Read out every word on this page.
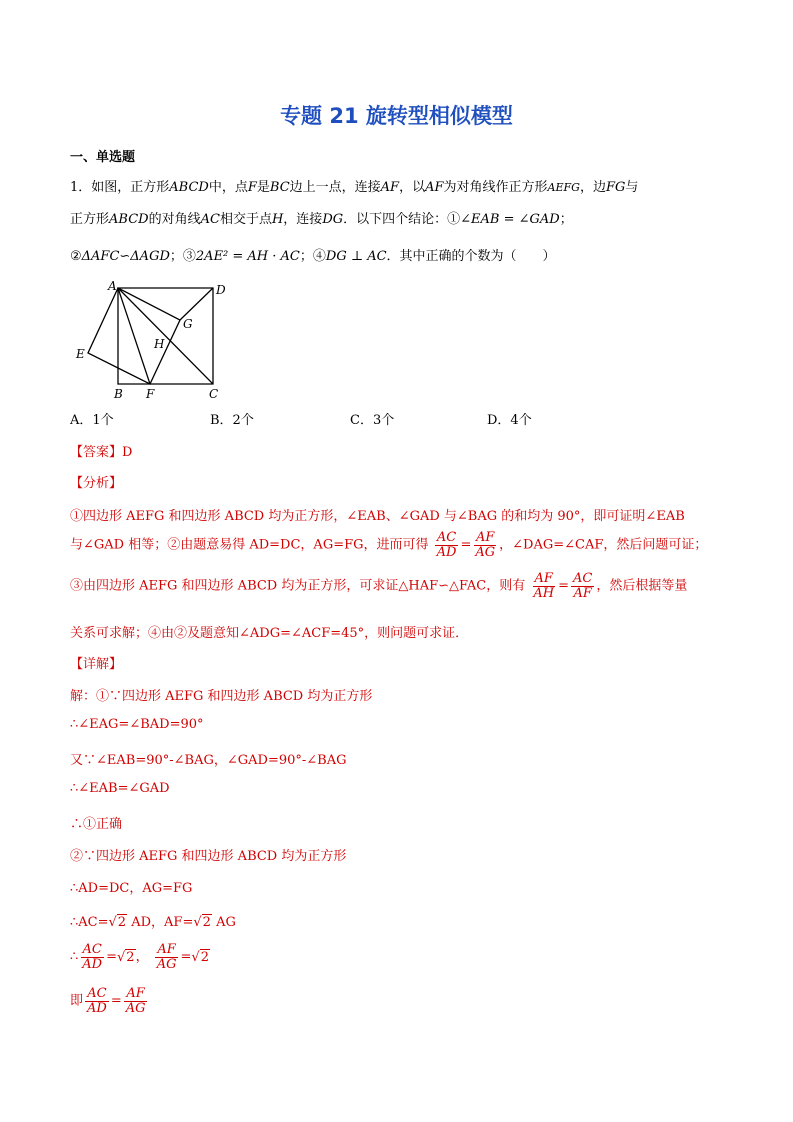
专题 21 旋转型相似模型
一、单选题
1．如图，正方形ABCD中，点F是BC边上一点，连接AF，以AF为对角线作正方形AEFG，边FG与
正方形ABCD的对角线AC相交于点H，连接DG．以下四个结论：①∠EAB = ∠GAD；
②ΔAFC∽ΔAGD；③2AE² = AH · AC；④DG ⊥ AC．其中正确的个数为（　　）
A	D
E
G
H
B F	C
A．1个	B．2个	C．3个	D．4个
【答案】D
【分析】
①四边形 AEFG 和四边形 ABCD 均为正方形，∠EAB、∠GAD 与∠BAG 的和均为 90°，即可证明∠EAB
与∠GAD 相等；②由题意易得 AD=DC，AG=FG，进而可得 $\frac{AC}{AD} = \frac{AF}{AG}$ ，∠DAG=∠CAF，然后问题可证；
③由四边形 AEFG 和四边形 ABCD 均为正方形，可求证△HAF∽△FAC，则有 $\frac{AF}{AH} = \frac{AC}{AF}$ ，然后根据等量
关系可求解；④由②及题意知∠ADG=∠ACF=45°，则问题可求证．
【详解】
解：①∵四边形 AEFG 和四边形 ABCD 均为正方形
∴∠EAG=∠BAD=90°
又∵∠EAB=90°-∠BAG，∠GAD=90°-∠BAG
∴∠EAB=∠GAD
∴①正确
②∵四边形 AEFG 和四边形 ABCD 均为正方形
∴AD=DC，AG=FG
∴AC=√2 AD，AF=√2 AG
∴ $\frac{AC}{AD} =√2$， $\frac{AF}{AG} =√2$
即 $\frac{AC}{AD} = \frac{AF}{AG}$
